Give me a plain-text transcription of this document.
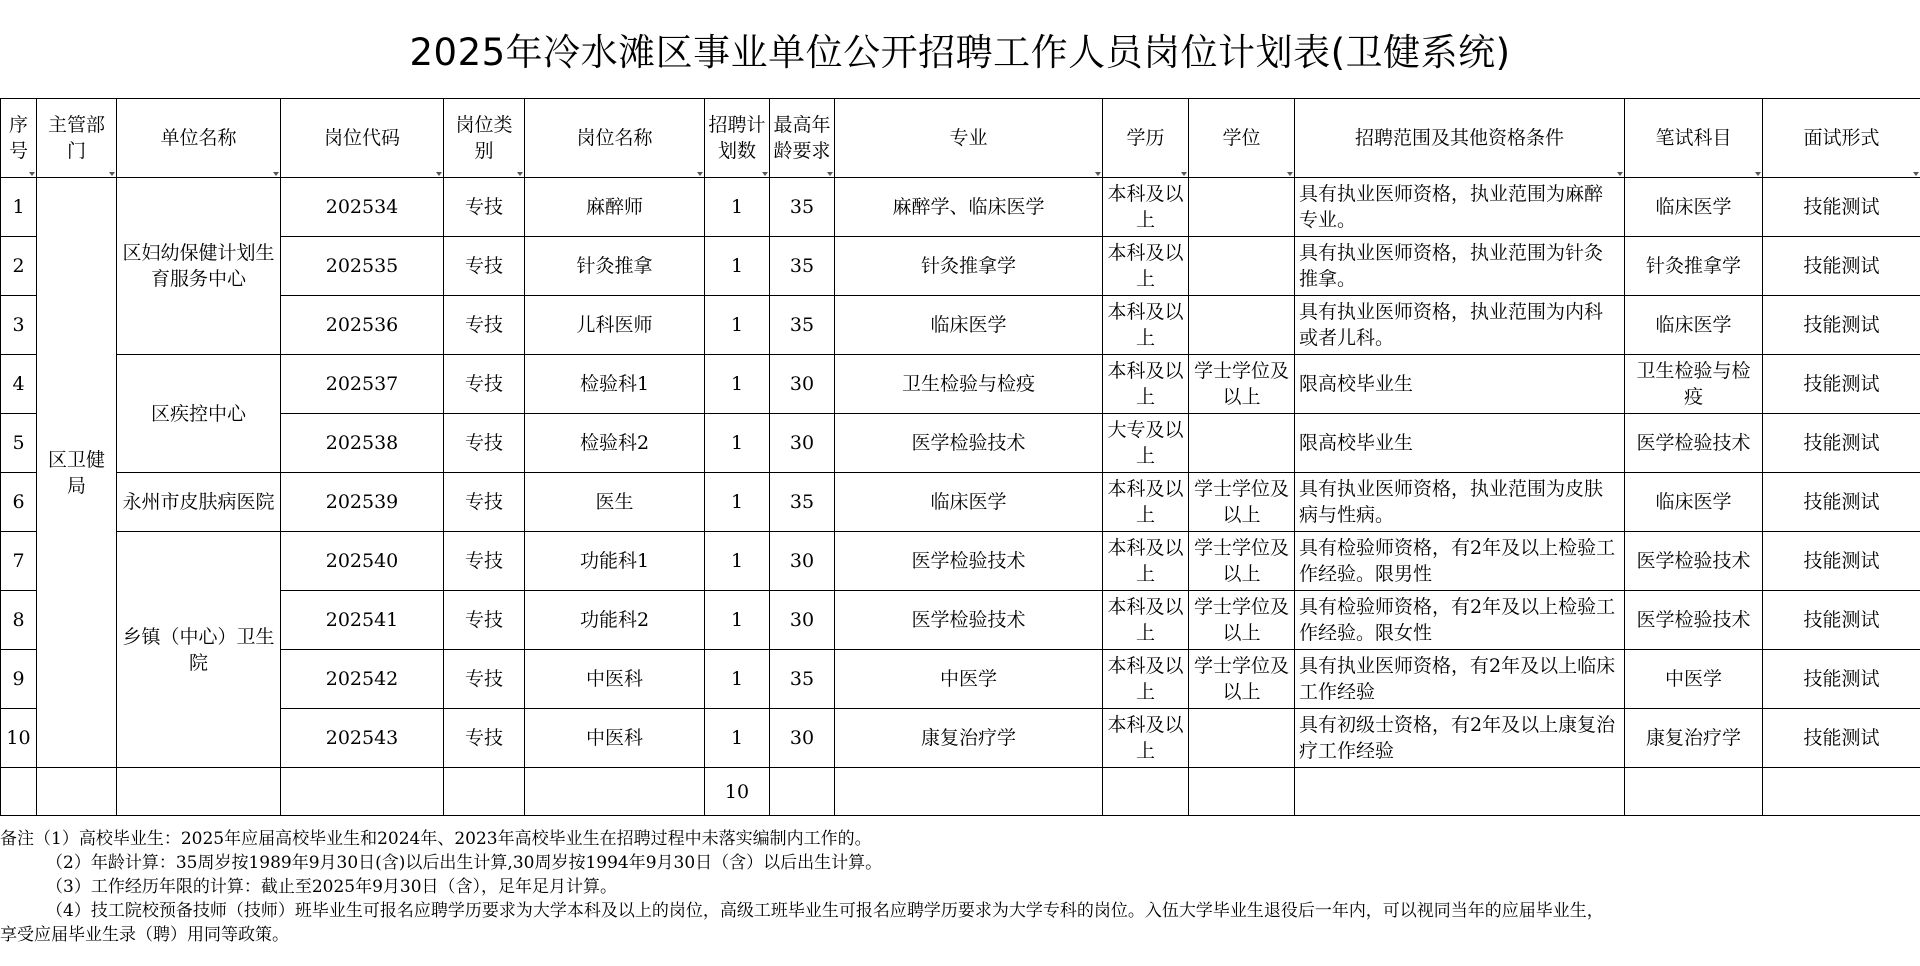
2025年冷水滩区事业单位公开招聘工作人员岗位计划表(卫健系统)
序号	主管部门	单位名称	岗位代码	岗位类别	岗位名称	招聘计划数	最高年龄要求	专业	学历	学位	招聘范围及其他资格条件	笔试科目	面试形式

1	区卫健局	区妇幼保健计划生育服务中心	202534	专技	麻醉师	1	35	麻醉学、临床医学	本科及以上		具有执业医师资格，执业范围为麻醉专业。	临床医学	技能测试
2			202535	专技	针灸推拿	1	35	针灸推拿学	本科及以上		具有执业医师资格，执业范围为针灸推拿。	针灸推拿学	技能测试
3			202536	专技	儿科医师	1	35	临床医学	本科及以上		具有执业医师资格，执业范围为内科或者儿科。	临床医学	技能测试
4		区疾控中心	202537	专技	检验科1	1	30	卫生检验与检疫	本科及以上	学士学位及以上	限高校毕业生	卫生检验与检疫	技能测试
5			202538	专技	检验科2	1	30	医学检验技术	大专及以上		限高校毕业生	医学检验技术	技能测试
6		永州市皮肤病医院	202539	专技	医生	1	35	临床医学	本科及以上	学士学位及以上	具有执业医师资格，执业范围为皮肤病与性病。	临床医学	技能测试
7		乡镇（中心）卫生院	202540	专技	功能科1	1	30	医学检验技术	本科及以上	学士学位及以上	具有检验师资格，有2年及以上检验工作经验。限男性	医学检验技术	技能测试
8			202541	专技	功能科2	1	30	医学检验技术	本科及以上	学士学位及以上	具有检验师资格，有2年及以上检验工作经验。限女性	医学检验技术	技能测试
9			202542	专技	中医科	1	35	中医学	本科及以上	学士学位及以上	具有执业医师资格，有2年及以上临床工作经验	中医学	技能测试
10			202543	专技	中医科	1	30	康复治疗学	本科及以上		具有初级士资格，有2年及以上康复治疗工作经验	康复治疗学	技能测试
						10							
备注（1）高校毕业生：2025年应届高校毕业生和2024年、2023年高校毕业生在招聘过程中未落实编制内工作的。
（2）年龄计算：35周岁按1989年9月30日(含)以后出生计算,30周岁按1994年9月30日（含）以后出生计算。
（3）工作经历年限的计算：截止至2025年9月30日（含），足年足月计算。
（4）技工院校预备技师（技师）班毕业生可报名应聘学历要求为大学本科及以上的岗位，高级工班毕业生可报名应聘学历要求为大学专科的岗位。入伍大学毕业生退役后一年内，可以视同当年的应届毕业生，
享受应届毕业生录（聘）用同等政策。
